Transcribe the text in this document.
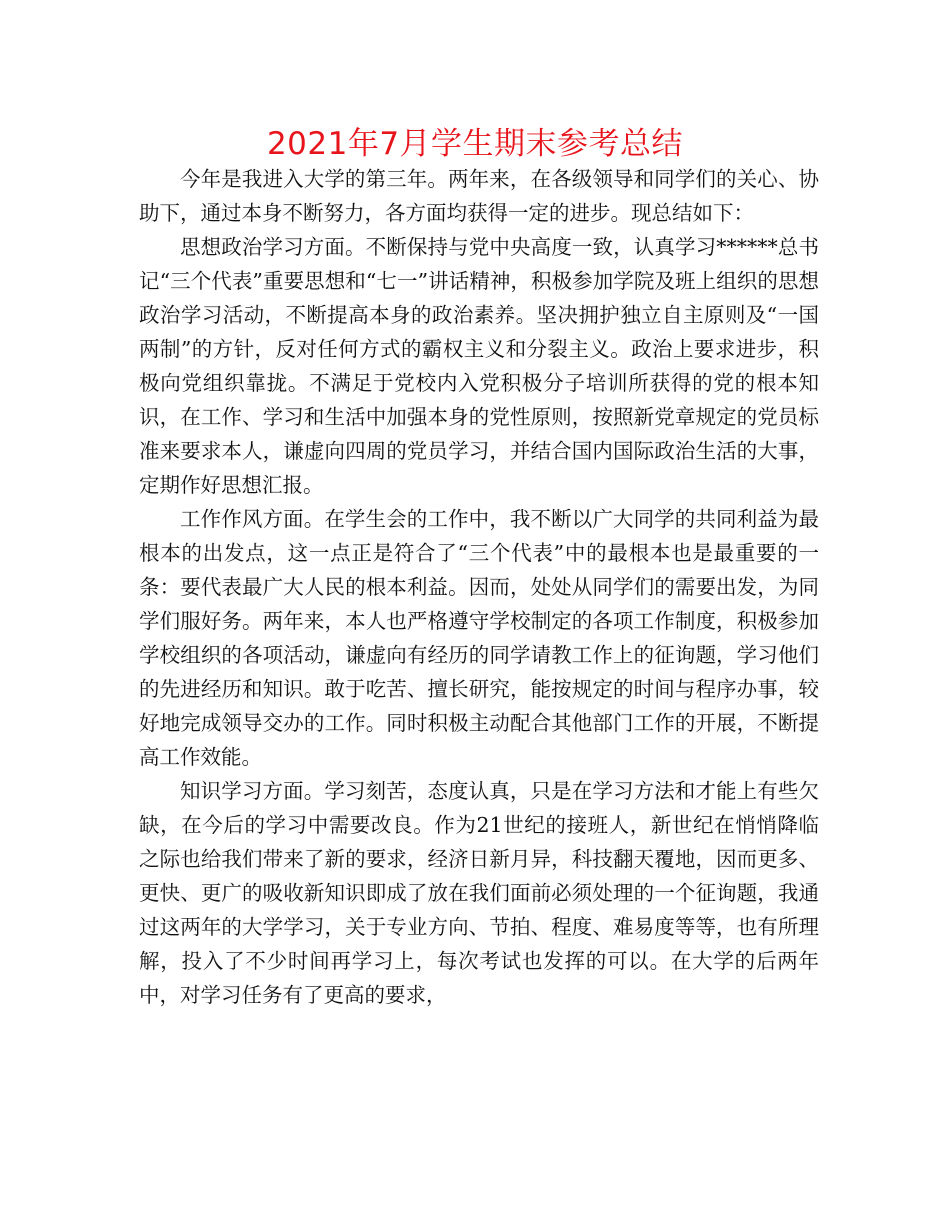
2021年7月学生期末参考总结

今年是我进入大学的第三年。两年来，在各级领导和同学们的关心、协助下，通过本身不断努力，各方面均获得一定的进步。现总结如下：

思想政治学习方面。不断保持与党中央高度一致，认真学习******总书记“三个代表”重要思想和“七一”讲话精神，积极参加学院及班上组织的思想政治学习活动，不断提高本身的政治素养。坚决拥护独立自主原则及“一国两制”的方针，反对任何方式的霸权主义和分裂主义。政治上要求进步，积极向党组织靠拢。不满足于党校内入党积极分子培训所获得的党的根本知识，在工作、学习和生活中加强本身的党性原则，按照新党章规定的党员标准来要求本人，谦虚向四周的党员学习，并结合国内国际政治生活的大事，定期作好思想汇报。

工作作风方面。在学生会的工作中，我不断以广大同学的共同利益为最根本的出发点，这一点正是符合了“三个代表”中的最根本也是最重要的一条：要代表最广大人民的根本利益。因而，处处从同学们的需要出发，为同学们服好务。两年来，本人也严格遵守学校制定的各项工作制度，积极参加学校组织的各项活动，谦虚向有经历的同学请教工作上的征询题，学习他们的先进经历和知识。敢于吃苦、擅长研究，能按规定的时间与程序办事，较好地完成领导交办的工作。同时积极主动配合其他部门工作的开展，不断提高工作效能。

知识学习方面。学习刻苦，态度认真，只是在学习方法和才能上有些欠缺，在今后的学习中需要改良。作为21世纪的接班人，新世纪在悄悄降临之际也给我们带来了新的要求，经济日新月异，科技翻天覆地，因而更多、更快、更广的吸收新知识即成了放在我们面前必须处理的一个征询题，我通过这两年的大学学习，关于专业方向、节拍、程度、难易度等等，也有所理解，投入了不少时间再学习上，每次考试也发挥的可以。在大学的后两年中，对学习任务有了更高的要求，
